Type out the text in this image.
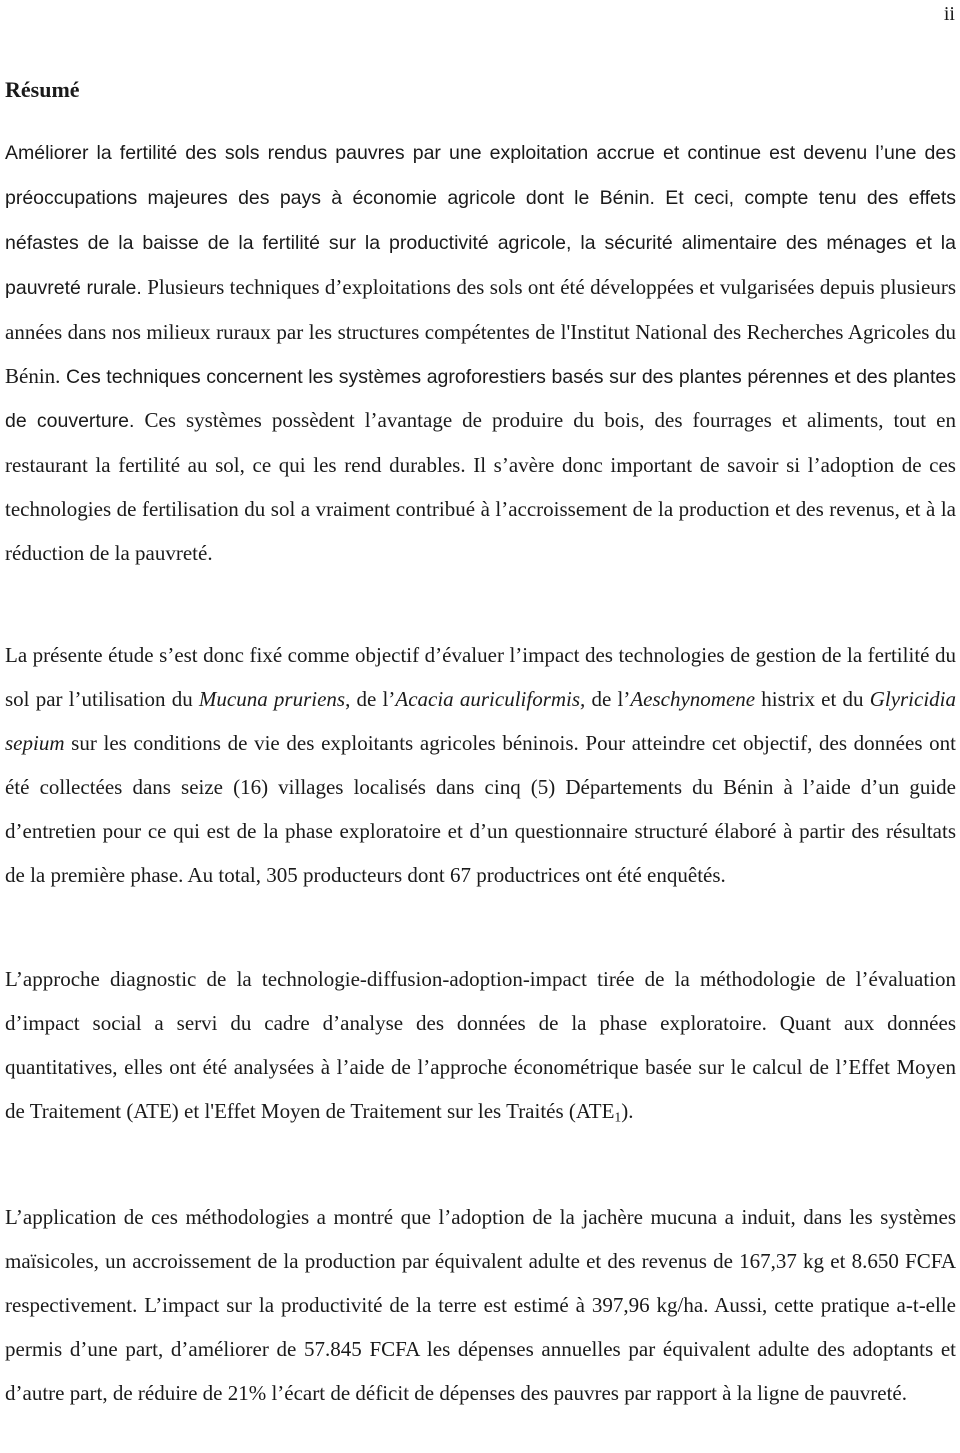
ii
Résumé

Améliorer la fertilité des sols rendus pauvres par une exploitation accrue et continue est devenu l’une des préoccupations majeures des pays à économie agricole dont le Bénin. Et ceci, compte tenu des effets néfastes de la baisse de la fertilité sur la productivité agricole, la sécurité alimentaire des ménages et la pauvreté rurale. Plusieurs techniques d’exploitations des sols ont été développées et vulgarisées depuis plusieurs années dans nos milieux ruraux par les structures compétentes de l'Institut National des Recherches Agricoles du Bénin. Ces techniques concernent les systèmes agroforestiers basés sur des plantes pérennes et des plantes de couverture. Ces systèmes possèdent l’avantage de produire du bois, des fourrages et aliments, tout en restaurant la fertilité au sol, ce qui les rend durables. Il s’avère donc important de savoir si l’adoption de ces technologies de fertilisation du sol a vraiment contribué à l’accroissement de la production et des revenus, et à la réduction de la pauvreté.

La présente étude s’est donc fixé comme objectif d’évaluer l’impact des technologies de gestion de la fertilité du sol par l’utilisation du Mucuna pruriens, de l’Acacia auriculiformis, de l’Aeschynomene histrix et du Glyricidia sepium sur les conditions de vie des exploitants agricoles béninois. Pour atteindre cet objectif, des données ont été collectées dans seize (16) villages localisés dans cinq (5) Départements du Bénin à l’aide d’un guide d’entretien pour ce qui est de la phase exploratoire et d’un questionnaire structuré élaboré à partir des résultats de la première phase. Au total, 305 producteurs dont 67 productrices ont été enquêtés.

L’approche diagnostic de la technologie-diffusion-adoption-impact tirée de la méthodologie de l’évaluation d’impact social a servi du cadre d’analyse des données de la phase exploratoire. Quant aux données quantitatives, elles ont été analysées à l’aide de l’approche économétrique basée sur le calcul de l’Effet Moyen de Traitement (ATE) et l'Effet Moyen de Traitement sur les Traités $(ATE_1)$.

L’application de ces méthodologies a montré que l’adoption de la jachère mucuna a induit, dans les systèmes maïsicoles, un accroissement de la production par équivalent adulte et des revenus de 167,37 kg et 8.650 FCFA respectivement. L’impact sur la productivité de la terre est estimé à 397,96 kg/ha. Aussi, cette pratique a-t-elle permis d’une part, d’améliorer de 57.845 FCFA les dépenses annuelles par équivalent adulte des adoptants et d’autre part, de réduire de 21% l’écart de déficit de dépenses des pauvres par rapport à la ligne de pauvreté.
